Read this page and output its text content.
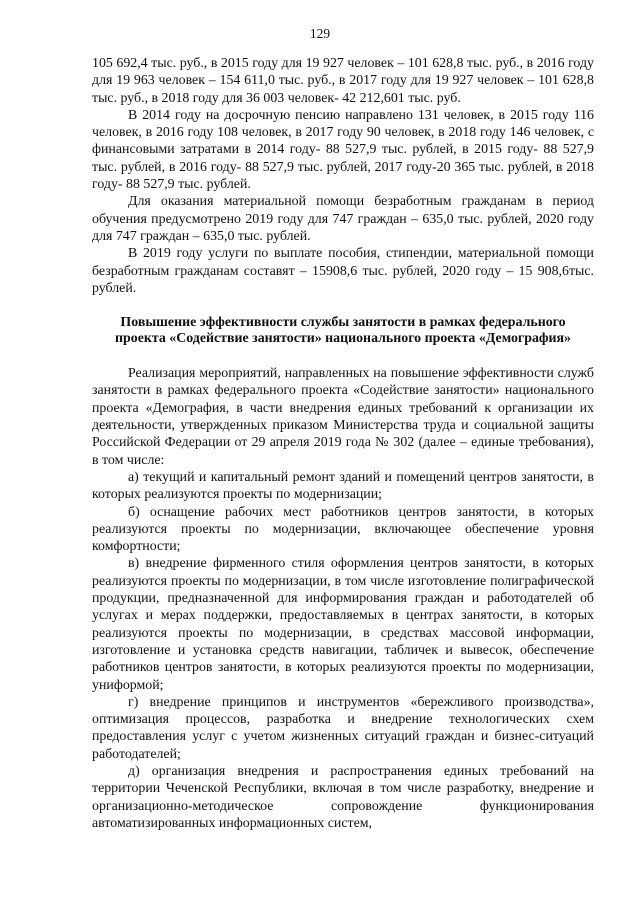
129

105 692,4 тыс. руб., в 2015 году для 19 927 человек – 101 628,8 тыс. руб., в 2016 году для 19 963 человек – 154 611,0 тыс. руб., в 2017 году для 19 927 человек – 101 628,8 тыс. руб., в 2018 году для 36 003 человек- 42 212,601 тыс. руб.

В 2014 году на досрочную пенсию направлено 131 человек, в 2015 году 116 человек, в 2016 году 108 человек, в 2017 году 90 человек, в 2018 году 146 человек, с финансовыми затратами в 2014 году- 88 527,9 тыс. рублей, в 2015 году- 88 527,9 тыс. рублей, в 2016 году- 88 527,9 тыс. рублей, 2017 году-20 365 тыс. рублей, в 2018 году- 88 527,9 тыс. рублей.

Для оказания материальной помощи безработным гражданам в период обучения предусмотрено 2019 году для 747 граждан – 635,0 тыс. рублей, 2020 году для 747 граждан – 635,0 тыс. рублей.

В 2019 году услуги по выплате пособия, стипендии, материальной помощи безработным гражданам составят – 15908,6 тыс. рублей, 2020 году – 15 908,6тыс. рублей.

Повышение эффективности службы занятости в рамках федерального
проекта «Содействие занятости» национального проекта «Демография»

Реализация мероприятий, направленных на повышение эффективности служб занятости в рамках федерального проекта «Содействие занятости» национального проекта «Демография, в части внедрения единых требований к организации их деятельности, утвержденных приказом Министерства труда и социальной защиты Российской Федерации от 29 апреля 2019 года № 302 (далее – единые требования), в том числе:

а) текущий и капитальный ремонт зданий и помещений центров занятости, в которых реализуются проекты по модернизации;

б) оснащение рабочих мест работников центров занятости, в которых реализуются проекты по модернизации, включающее обеспечение уровня комфортности;

в) внедрение фирменного стиля оформления центров занятости, в которых реализуются проекты по модернизации, в том числе изготовление полиграфической продукции, предназначенной для информирования граждан и работодателей об услугах и мерах поддержки, предоставляемых в центрах занятости, в которых реализуются проекты по модернизации, в средствах массовой информации, изготовление и установка средств навигации, табличек и вывесок, обеспечение работников центров занятости, в которых реализуются проекты по модернизации, униформой;

г) внедрение принципов и инструментов «бережливого производства», оптимизация процессов, разработка и внедрение технологических схем предоставления услуг с учетом жизненных ситуаций граждан и бизнес-ситуаций работодателей;

д) организация внедрения и распространения единых требований на территории Чеченской Республики, включая в том числе разработку, внедрение и организационно-методическое сопровождение функционирования автоматизированных информационных систем,
